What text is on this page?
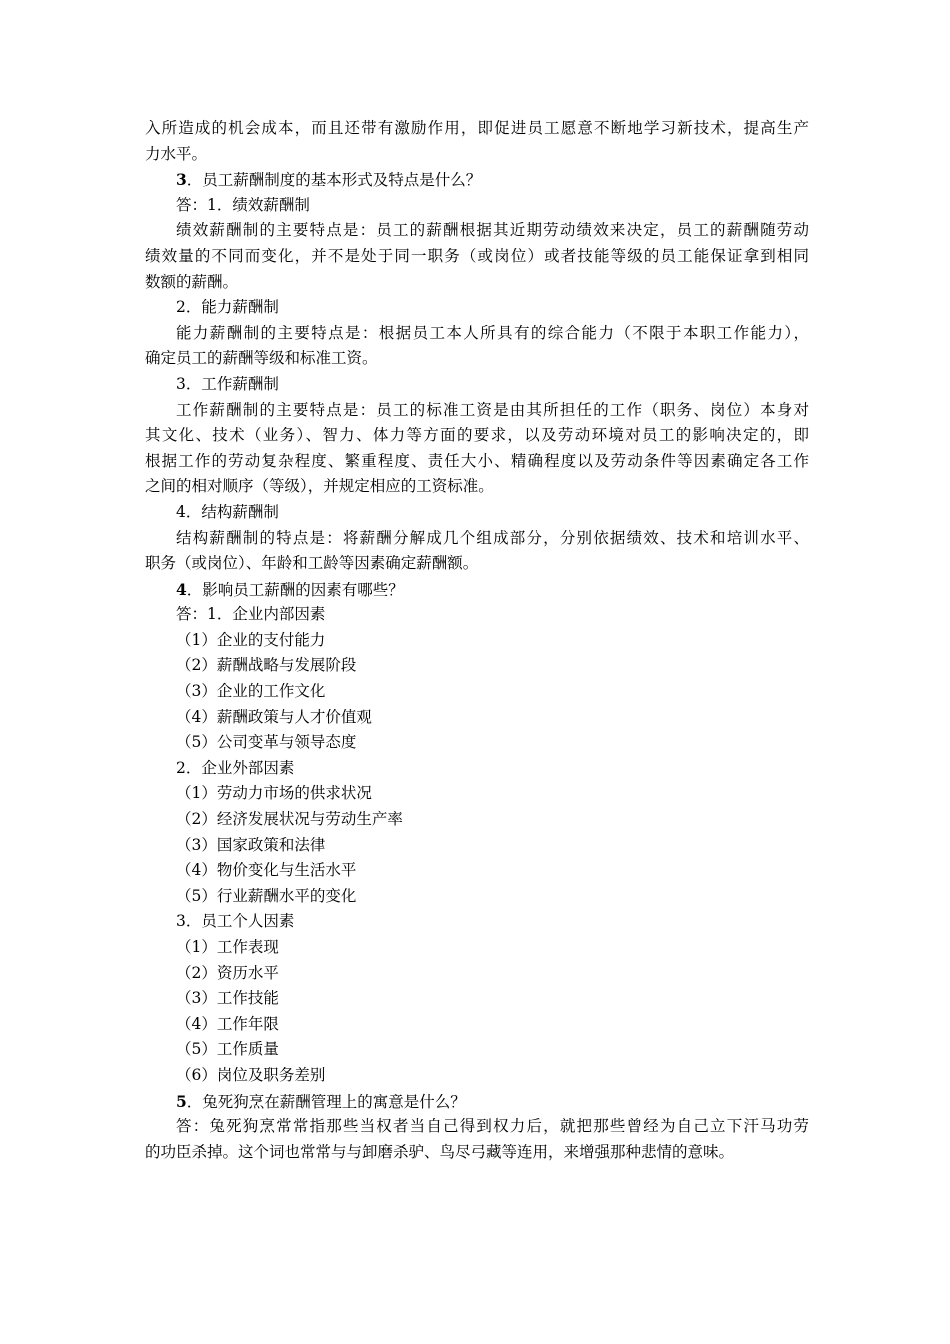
入所造成的机会成本，而且还带有激励作用，即促进员工愿意不断地学习新技术，提高生产
力水平。
3．员工薪酬制度的基本形式及特点是什么？
答：1．绩效薪酬制
绩效薪酬制的主要特点是：员工的薪酬根据其近期劳动绩效来决定，员工的薪酬随劳动
绩效量的不同而变化，并不是处于同一职务（或岗位）或者技能等级的员工能保证拿到相同
数额的薪酬。
2．能力薪酬制
能力薪酬制的主要特点是：根据员工本人所具有的综合能力（不限于本职工作能力），
确定员工的薪酬等级和标准工资。
3．工作薪酬制
工作薪酬制的主要特点是：员工的标准工资是由其所担任的工作（职务、岗位）本身对
其文化、技术（业务）、智力、体力等方面的要求，以及劳动环境对员工的影响决定的，即
根据工作的劳动复杂程度、繁重程度、责任大小、精确程度以及劳动条件等因素确定各工作
之间的相对顺序（等级），并规定相应的工资标准。
4．结构薪酬制
结构薪酬制的特点是：将薪酬分解成几个组成部分，分别依据绩效、技术和培训水平、
职务（或岗位）、年龄和工龄等因素确定薪酬额。
4．影响员工薪酬的因素有哪些？
答：1．企业内部因素
（1）企业的支付能力
（2）薪酬战略与发展阶段
（3）企业的工作文化
（4）薪酬政策与人才价值观
（5）公司变革与领导态度
2．企业外部因素
（1）劳动力市场的供求状况
（2）经济发展状况与劳动生产率
（3）国家政策和法律
（4）物价变化与生活水平
（5）行业薪酬水平的变化
3．员工个人因素
（1）工作表现
（2）资历水平
（3）工作技能
（4）工作年限
（5）工作质量
（6）岗位及职务差别
5．兔死狗烹在薪酬管理上的寓意是什么？
答：兔死狗烹常常指那些当权者当自己得到权力后，就把那些曾经为自己立下汗马功劳
的功臣杀掉。这个词也常常与与卸磨杀驴、鸟尽弓藏等连用，来增强那种悲情的意味。
